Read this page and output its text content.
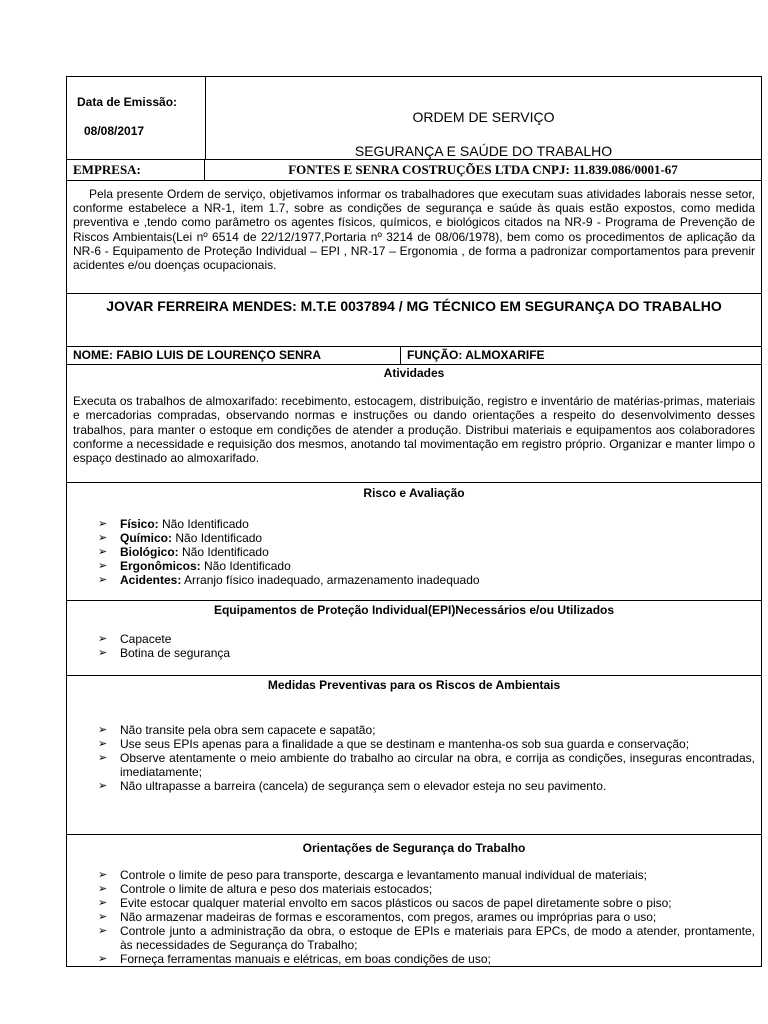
Data de Emissão:
08/08/2017
ORDEM DE SERVIÇO
SEGURANÇA E SAÚDE DO TRABALHO
EMPRESA:	FONTES E SENRA COSTRUÇÕES LTDA CNPJ: 11.839.086/0001-67

Pela presente Ordem de serviço, objetivamos informar os trabalhadores que executam suas atividades laborais nesse setor, conforme estabelece a NR-1, item 1.7, sobre as condições de segurança e saúde às quais estão expostos, como medida preventiva e ,tendo como parâmetro os agentes físicos, químicos, e biológicos citados na NR-9 - Programa de Prevenção de Riscos Ambientais(Lei nº 6514 de 22/12/1977,Portaria nº 3214 de 08/06/1978), bem como os procedimentos de aplicação da NR-6 - Equipamento de Proteção Individual – EPI , NR-17 – Ergonomia , de forma a padronizar comportamentos para prevenir acidentes e/ou doenças ocupacionais.

JOVAR FERREIRA MENDES: M.T.E 0037894 / MG TÉCNICO EM SEGURANÇA DO TRABALHO
NOME: FABIO LUIS DE LOURENÇO SENRA	FUNÇÃO: ALMOXARIFE
Atividades

Executa os trabalhos de almoxarifado: recebimento, estocagem, distribuição, registro e inventário de matérias-primas, materiais e mercadorias compradas, observando normas e instruções ou dando orientações a respeito do desenvolvimento desses trabalhos, para manter o estoque em condições de atender a produção. Distribui materiais e equipamentos aos colaboradores conforme a necessidade e requisição dos mesmos, anotando tal movimentação em registro próprio. Organizar e manter limpo o espaço destinado ao almoxarifado.

Risco e Avaliação
➢ Físico: Não Identificado
➢ Químico: Não Identificado
➢ Biológico: Não Identificado
➢ Ergonômicos: Não Identificado
➢ Acidentes: Arranjo físico inadequado, armazenamento inadequado
Equipamentos de Proteção Individual(EPI)Necessários e/ou Utilizados
➢ Capacete
➢ Botina de segurança
Medidas Preventivas para os Riscos de Ambientais
➢ Não transite pela obra sem capacete e sapatão;
➢ Use seus EPIs apenas para a finalidade a que se destinam e mantenha-os sob sua guarda e conservação;
➢ Observe atentamente o meio ambiente do trabalho ao circular na obra, e corrija as condições, inseguras encontradas, imediatamente;
➢ Não ultrapasse a barreira (cancela) de segurança sem o elevador esteja no seu pavimento.
Orientações de Segurança do Trabalho
➢ Controle o limite de peso para transporte, descarga e levantamento manual individual de materiais;
➢ Controle o limite de altura e peso dos materiais estocados;
➢ Evite estocar qualquer material envolto em sacos plásticos ou sacos de papel diretamente sobre o piso;
➢ Não armazenar madeiras de formas e escoramentos, com pregos, arames ou impróprias para o uso;
➢ Controle junto a administração da obra, o estoque de EPIs e materiais para EPCs, de modo a atender, prontamente, às necessidades de Segurança do Trabalho;
➢ Forneça ferramentas manuais e elétricas, em boas condições de uso;
